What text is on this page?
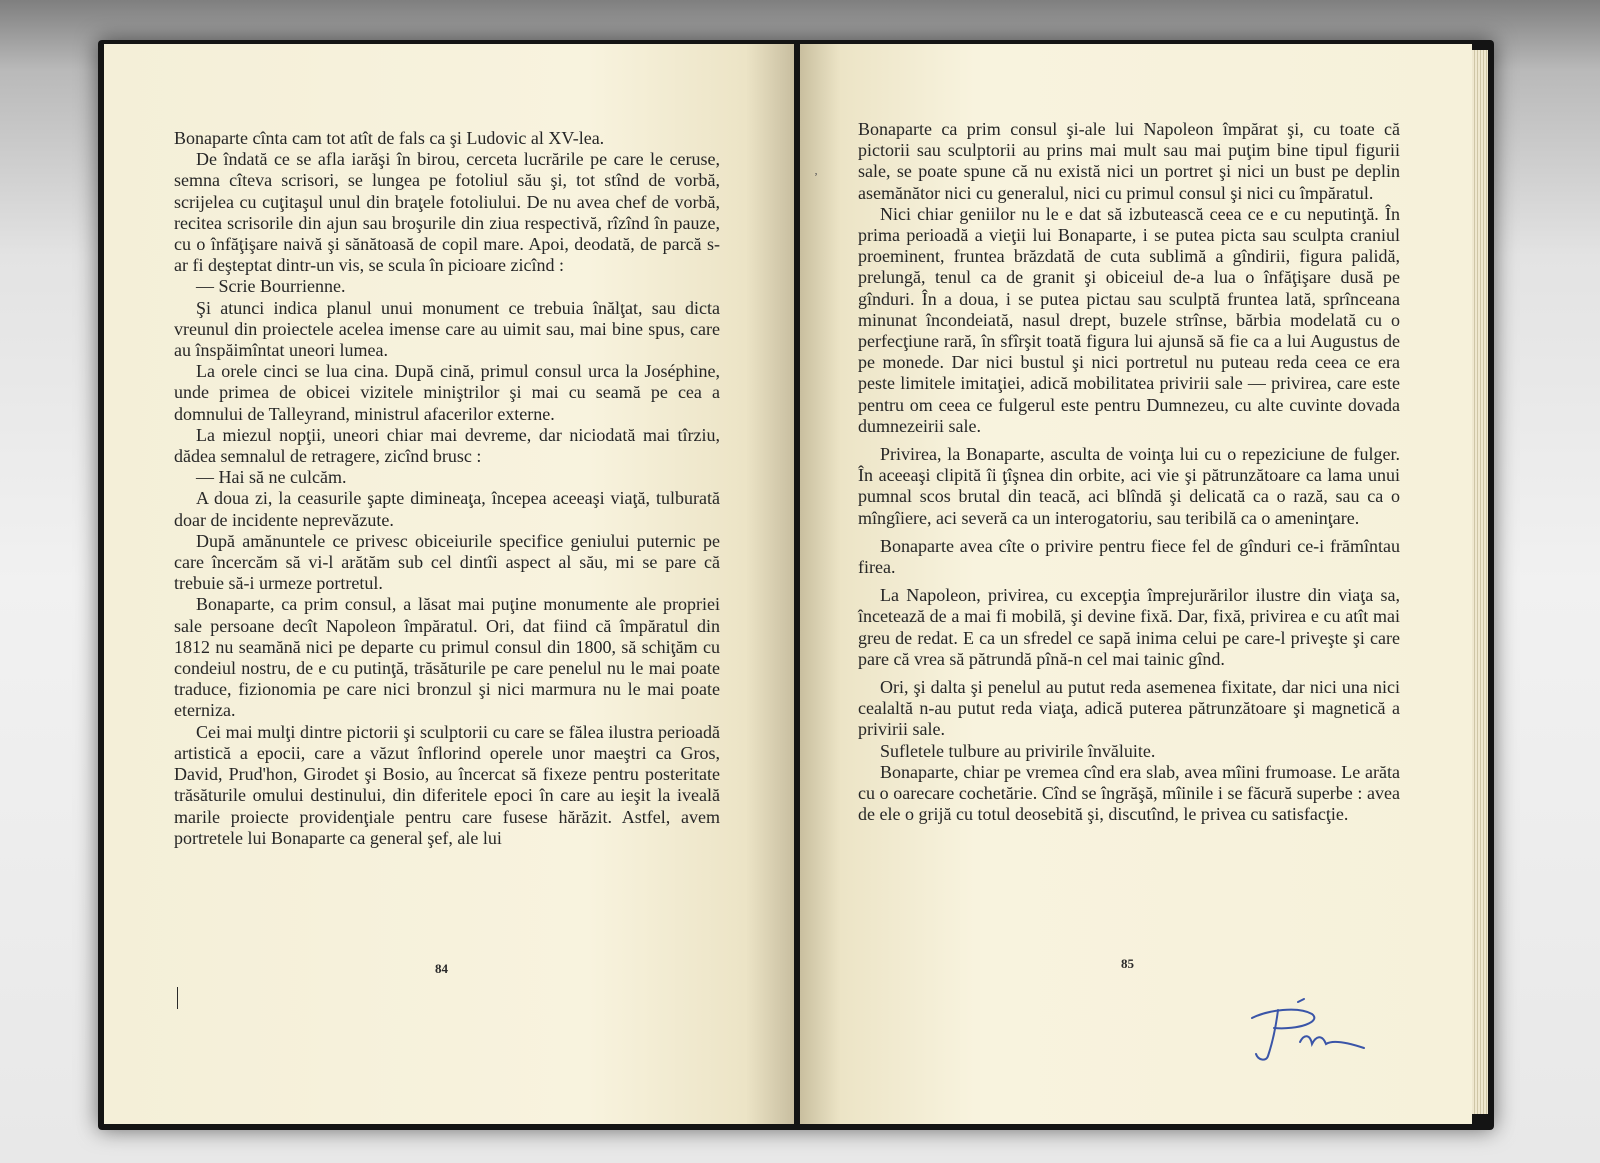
Bonaparte cînta cam tot atît de fals ca şi Ludovic al XV-lea.

De îndată ce se afla iarăşi în birou, cerceta lucrările pe care le ceruse, semna cîteva scrisori, se lungea pe fotoliul său şi, tot stînd de vorbă, scrijelea cu cuţitaşul unul din braţele fotoliului. De nu avea chef de vorbă, recitea scrisorile din ajun sau broşurile din ziua respectivă, rîzînd în pauze, cu o înfăţişare naivă şi sănătoasă de copil mare. Apoi, deodată, de parcă s-ar fi deşteptat dintr-un vis, se scula în picioare zicînd :

— Scrie Bourrienne.

Şi atunci indica planul unui monument ce trebuia înălţat, sau dicta vreunul din proiectele acelea imense care au uimit sau, mai bine spus, care au înspăimîntat uneori lumea.

La orele cinci se lua cina. După cină, primul consul urca la Joséphine, unde primea de obicei vizitele miniştrilor şi mai cu seamă pe cea a domnului de Talleyrand, ministrul afacerilor externe.

La miezul nopţii, uneori chiar mai devreme, dar niciodată mai tîrziu, dădea semnalul de retragere, zicînd brusc :

— Hai să ne culcăm.

A doua zi, la ceasurile şapte dimineaţa, începea aceeaşi viaţă, tulburată doar de incidente neprevăzute.

După amănuntele ce privesc obiceiurile specifice geniului puternic pe care încercăm să vi-l arătăm sub cel dintîi aspect al său, mi se pare că trebuie să-i urmeze portretul.

Bonaparte, ca prim consul, a lăsat mai puţine monumente ale propriei sale persoane decît Napoleon împăratul. Ori, dat fiind că împăratul din 1812 nu seamănă nici pe departe cu primul consul din 1800, să schiţăm cu condeiul nostru, de e cu putinţă, trăsăturile pe care penelul nu le mai poate traduce, fizionomia pe care nici bronzul şi nici marmura nu le mai poate eterniza.

Cei mai mulţi dintre pictorii şi sculptorii cu care se fălea ilustra perioadă artistică a epocii, care a văzut înflorind operele unor maeştri ca Gros, David, Prud'hon, Girodet şi Bosio, au încercat să fixeze pentru posteritate trăsăturile omului destinului, din diferitele epoci în care au ieşit la iveală marile proiecte providenţiale pentru care fusese hărăzit. Astfel, avem portretele lui Bonaparte ca general şef, ale lui

84
ʼ

Bonaparte ca prim consul şi-ale lui Napoleon împărat şi, cu toate că pictorii sau sculptorii au prins mai mult sau mai puţim bine tipul figurii sale, se poate spune că nu există nici un portret şi nici un bust pe deplin asemănător nici cu generalul, nici cu primul consul şi nici cu împăratul.

Nici chiar geniilor nu le e dat să izbutească ceea ce e cu neputinţă. În prima perioadă a vieţii lui Bonaparte, i se putea picta sau sculpta craniul proeminent, fruntea brăzdată de cuta sublimă a gîndirii, figura palidă, prelungă, tenul ca de granit şi obiceiul de-a lua o înfăţişare dusă pe gînduri. În a doua, i se putea pictau sau sculptă fruntea lată, sprînceana minunat încondeiată, nasul drept, buzele strînse, bărbia modelată cu o perfecţiune rară, în sfîrşit toată figura lui ajunsă să fie ca a lui Augustus de pe monede. Dar nici bustul şi nici portretul nu puteau reda ceea ce era peste limitele imitaţiei, adică mobilitatea privirii sale — privirea, care este pentru om ceea ce fulgerul este pentru Dumnezeu, cu alte cuvinte dovada dumnezeirii sale.

Privirea, la Bonaparte, asculta de voinţa lui cu o repeziciune de fulger. În aceeaşi clipită îi ţîşnea din orbite, aci vie şi pătrunzătoare ca lama unui pumnal scos brutal din teacă, aci blîndă şi delicată ca o rază, sau ca o mîngîiere, aci severă ca un interogatoriu, sau teribilă ca o ameninţare.

Bonaparte avea cîte o privire pentru fiece fel de gînduri ce-i frămîntau firea.

La Napoleon, privirea, cu excepţia împrejurărilor ilustre din viaţa sa, încetează de a mai fi mobilă, şi devine fixă. Dar, fixă, privirea e cu atît mai greu de redat. E ca un sfredel ce sapă inima celui pe care-l priveşte şi care pare că vrea să pătrundă pînă-n cel mai tainic gînd.

Ori, şi dalta şi penelul au putut reda asemenea fixitate, dar nici una nici cealaltă n-au putut reda viaţa, adică puterea pătrunzătoare şi magnetică a privirii sale.

Sufletele tulbure au privirile învăluite.

Bonaparte, chiar pe vremea cînd era slab, avea mîini frumoase. Le arăta cu o oarecare cochetărie. Cînd se îngrăşă, mîinile i se făcură superbe : avea de ele o grijă cu totul deosebită şi, discutînd, le privea cu satisfacţie.

85
